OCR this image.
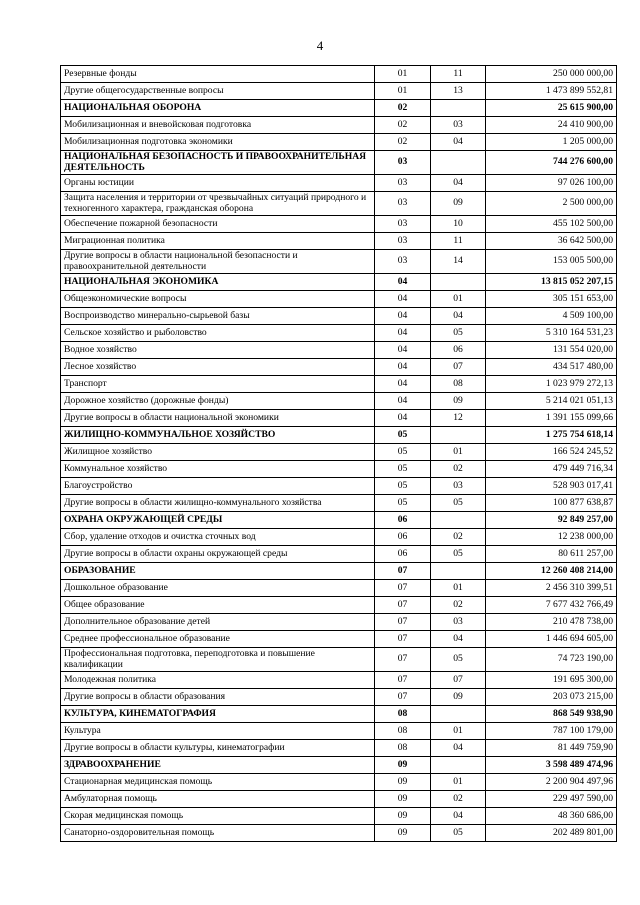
4
Резервные фонды	01	11	250 000 000,00
Другие общегосударственные вопросы	01	13	1 473 899 552,81
НАЦИОНАЛЬНАЯ ОБОРОНА	02		25 615 900,00
Мобилизационная и вневойсковая подготовка	02	03	24 410 900,00
Мобилизационная подготовка экономики	02	04	1 205 000,00
НАЦИОНАЛЬНАЯ БЕЗОПАСНОСТЬ И ПРАВООХРАНИТЕЛЬНАЯ ДЕЯТЕЛЬНОСТЬ	03		744 276 600,00
Органы юстиции	03	04	97 026 100,00
Защита населения и территории от чрезвычайных ситуаций природного и техногенного характера, гражданская оборона	03	09	2 500 000,00
Обеспечение пожарной безопасности	03	10	455 102 500,00
Миграционная политика	03	11	36 642 500,00
Другие вопросы в области национальной безопасности и правоохранительной деятельности	03	14	153 005 500,00
НАЦИОНАЛЬНАЯ ЭКОНОМИКА	04		13 815 052 207,15
Общеэкономические вопросы	04	01	305 151 653,00
Воспроизводство минерально-сырьевой базы	04	04	4 509 100,00
Сельское хозяйство и рыболовство	04	05	5 310 164 531,23
Водное хозяйство	04	06	131 554 020,00
Лесное хозяйство	04	07	434 517 480,00
Транспорт	04	08	1 023 979 272,13
Дорожное хозяйство (дорожные фонды)	04	09	5 214 021 051,13
Другие вопросы в области национальной экономики	04	12	1 391 155 099,66
ЖИЛИЩНО-КОММУНАЛЬНОЕ ХОЗЯЙСТВО	05		1 275 754 618,14
Жилищное хозяйство	05	01	166 524 245,52
Коммунальное хозяйство	05	02	479 449 716,34
Благоустройство	05	03	528 903 017,41
Другие вопросы в области жилищно-коммунального хозяйства	05	05	100 877 638,87
ОХРАНА ОКРУЖАЮЩЕЙ СРЕДЫ	06		92 849 257,00
Сбор, удаление отходов и очистка сточных вод	06	02	12 238 000,00
Другие вопросы в области охраны окружающей среды	06	05	80 611 257,00
ОБРАЗОВАНИЕ	07		12 260 408 214,00
Дошкольное образование	07	01	2 456 310 399,51
Общее образование	07	02	7 677 432 766,49
Дополнительное образование детей	07	03	210 478 738,00
Среднее профессиональное образование	07	04	1 446 694 605,00
Профессиональная подготовка, переподготовка и повышение квалификации	07	05	74 723 190,00
Молодежная политика	07	07	191 695 300,00
Другие вопросы в области образования	07	09	203 073 215,00
КУЛЬТУРА, КИНЕМАТОГРАФИЯ	08		868 549 938,90
Культура	08	01	787 100 179,00
Другие вопросы в области культуры, кинематографии	08	04	81 449 759,90
ЗДРАВООХРАНЕНИЕ	09		3 598 489 474,96
Стационарная медицинская помощь	09	01	2 200 904 497,96
Амбулаторная помощь	09	02	229 497 590,00
Скорая медицинская помощь	09	04	48 360 686,00
Санаторно-оздоровительная помощь	09	05	202 489 801,00
